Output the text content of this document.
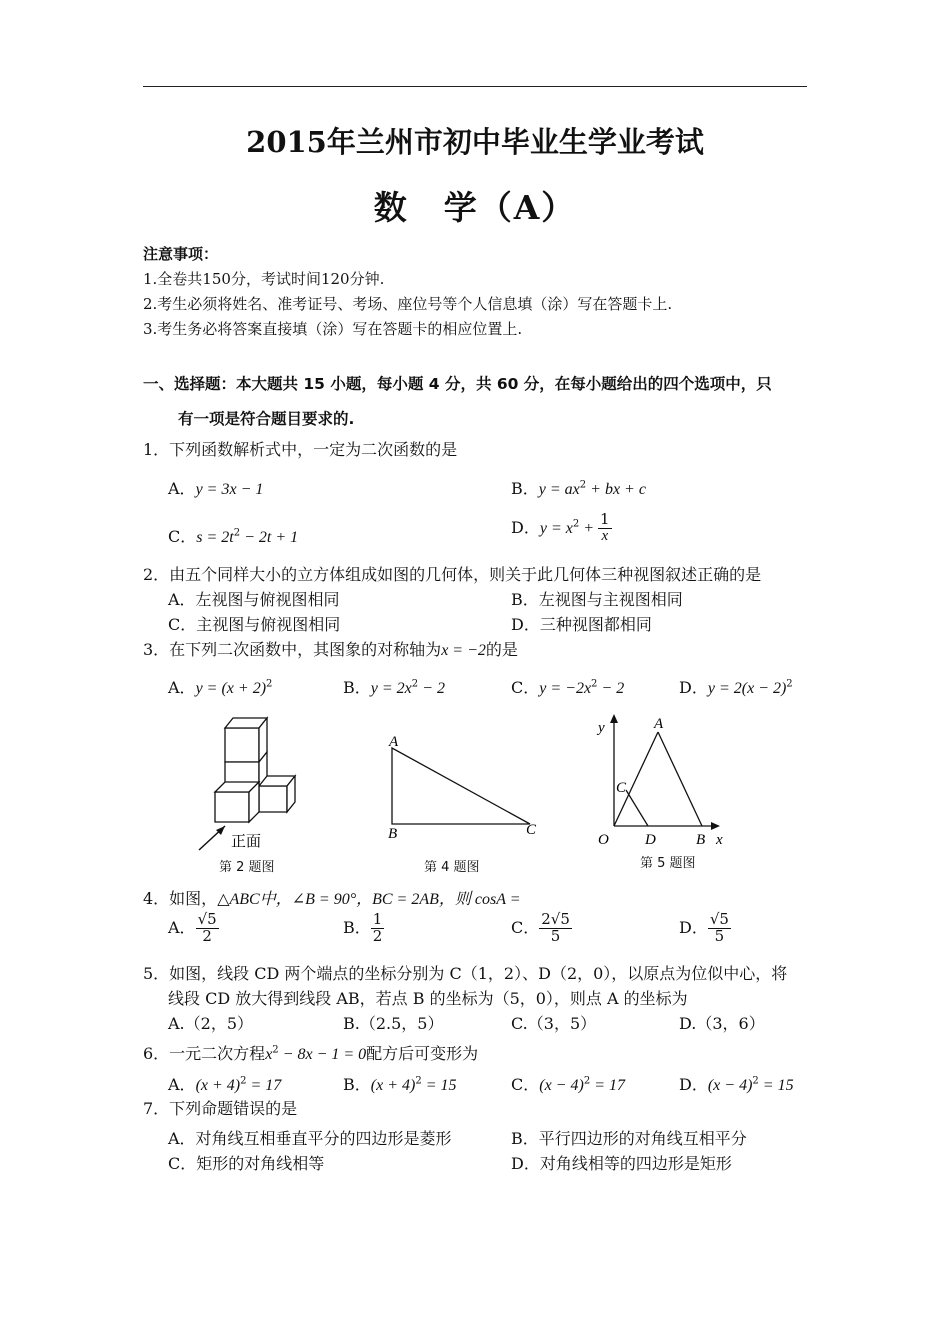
2015年兰州市初中毕业生学业考试
数　学（A）
注意事项：
1.全卷共150分，考试时间120分钟.
2.考生必须将姓名、准考证号、考场、座位号等个人信息填（涂）写在答题卡上.
3.考生务必将答案直接填（涂）写在答题卡的相应位置上.
一、选择题：本大题共 15 小题，每小题 4 分，共 60 分，在每小题给出的四个选项中，只
有一项是符合题目要求的.
1．下列函数解析式中，一定为二次函数的是
A．y = 3x − 1	B．$y = ax^2$ + bx + c
C．$s = 2t^2 - 2t + 1$
D．$y = x^2 + \frac{1}{x}$
2．由五个同样大小的立方体组成如图的几何体，则关于此几何体三种视图叙述正确的是
A．左视图与俯视图相同	B．左视图与主视图相同
C．主视图与俯视图相同	D．三种视图都相同
3．在下列二次函数中，其图象的对称轴为x = −2的是
A．$y = (x + 2)^2$	B．$y = 2x^2 - 2$	C．$y = -2x^2 - 2$	D．$y = 2(x - 2)^2$
正面
第 2 题图
A
B	C
第 4 题图
y	A
C
O D	B x
第 5 题图
4．如图，△ABC中，∠B = 90°，BC = 2AB，则 cosA =
A． $\frac{√5}{2}$	B． $\frac{1}{2}$	C． $\frac{2√5}{5}$	D． $\frac{√5}{5}$
5．如图，线段 CD 两个端点的坐标分别为 C（1，2）、D（2，0），以原点为位似中心，将
线段 CD 放大得到线段 AB，若点 B 的坐标为（5，0），则点 A 的坐标为
A.（2，5）	B.（2.5，5）	C.（3，5）	D.（3，6）
6．一元二次方程$x^2 - 8x - 1 = 0$配方后可变形为
A．$(x + 4)^2 = 17$	B．$(x + 4)^2 = 15$	C．$(x - 4)^2 = 17$	D．$(x - 4)^2 = 15$
7．下列命题错误的是
A．对角线互相垂直平分的四边形是菱形	B．平行四边形的对角线互相平分
C．矩形的对角线相等	D．对角线相等的四边形是矩形
